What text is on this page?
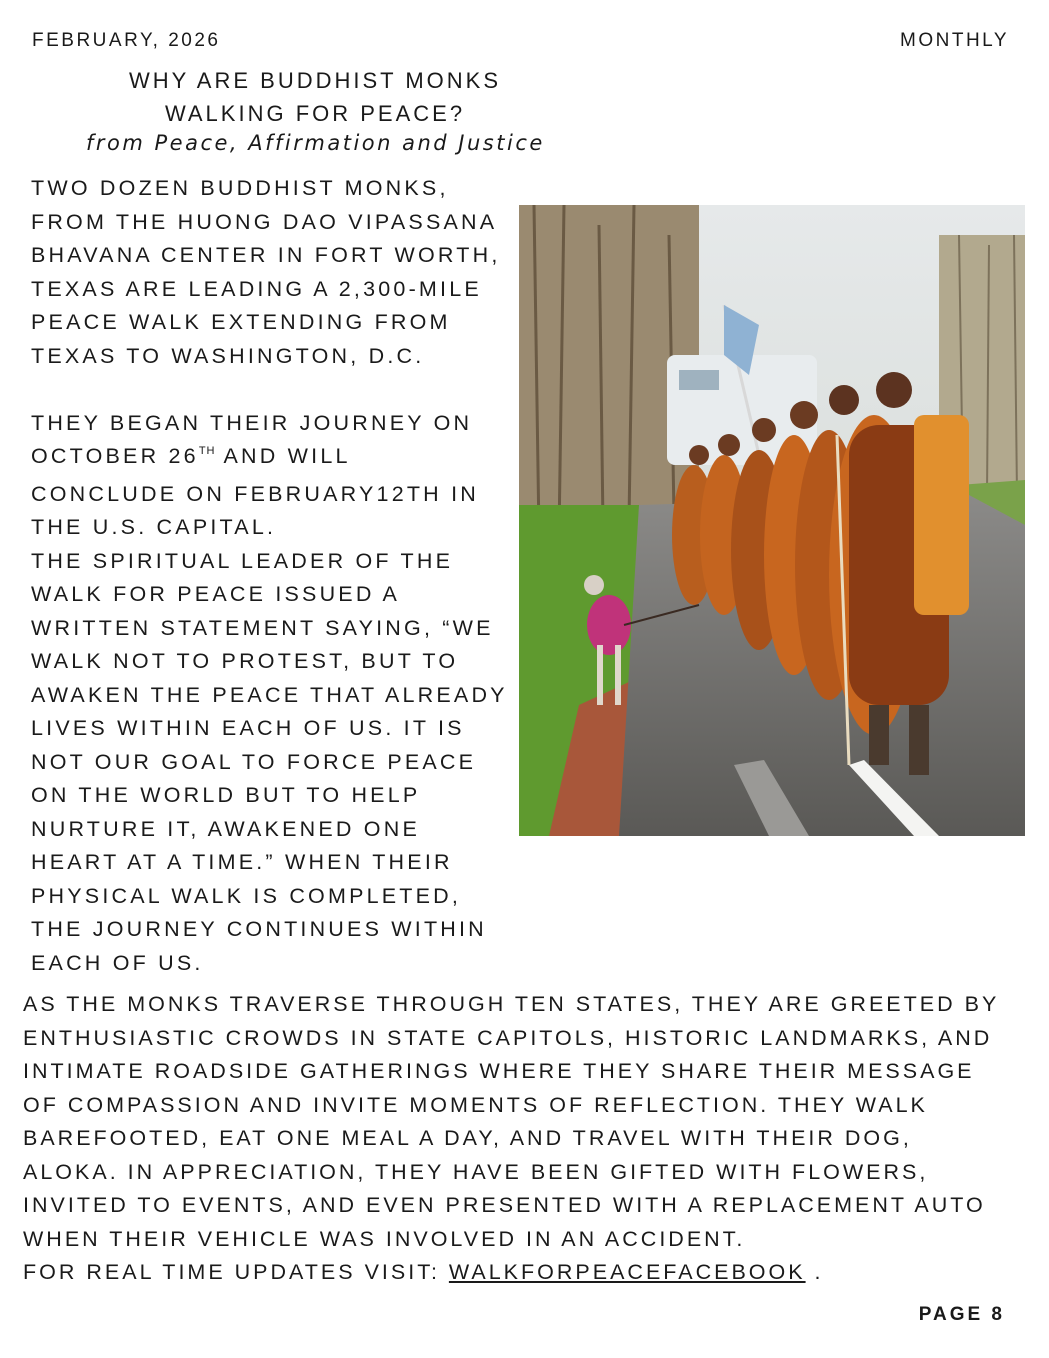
FEBRUARY, 2026	MONTHLY
WHY ARE BUDDHIST MONKS
WALKING FOR PEACE?
from Peace, Affirmation and Justice

TWO DOZEN BUDDHIST MONKS,

FROM THE HUONG DAO VIPASSANA

BHAVANA CENTER IN FORT WORTH,

TEXAS ARE LEADING A 2,300-MILE

PEACE WALK EXTENDING FROM

TEXAS TO WASHINGTON, D.C.

THEY BEGAN THEIR JOURNEY ON

OCTOBER 26TH AND WILL

CONCLUDE ON FEBRUARY12TH IN

THE U.S. CAPITAL.

THE SPIRITUAL LEADER OF THE

WALK FOR PEACE ISSUED A

WRITTEN STATEMENT SAYING, “WE

WALK NOT TO PROTEST, BUT TO

AWAKEN THE PEACE THAT ALREADY

LIVES WITHIN EACH OF US. IT IS

NOT OUR GOAL TO FORCE PEACE

ON THE WORLD BUT TO HELP

NURTURE IT, AWAKENED ONE

HEART AT A TIME.” WHEN THEIR

PHYSICAL WALK IS COMPLETED,

THE JOURNEY CONTINUES WITHIN

EACH OF US.

AS THE MONKS TRAVERSE THROUGH TEN STATES, THEY ARE GREETED BY

ENTHUSIASTIC CROWDS IN STATE CAPITOLS, HISTORIC LANDMARKS, AND

INTIMATE ROADSIDE GATHERINGS WHERE THEY SHARE THEIR MESSAGE

OF COMPASSION AND INVITE MOMENTS OF REFLECTION. THEY WALK

BAREFOOTED, EAT ONE MEAL A DAY, AND TRAVEL WITH THEIR DOG,

ALOKA. IN APPRECIATION, THEY HAVE BEEN GIFTED WITH FLOWERS,

INVITED TO EVENTS, AND EVEN PRESENTED WITH A REPLACEMENT AUTO

WHEN THEIR VEHICLE WAS INVOLVED IN AN ACCIDENT.

FOR REAL TIME UPDATES VISIT: WALKFORPEACEFACEBOOK .

PAGE 8
